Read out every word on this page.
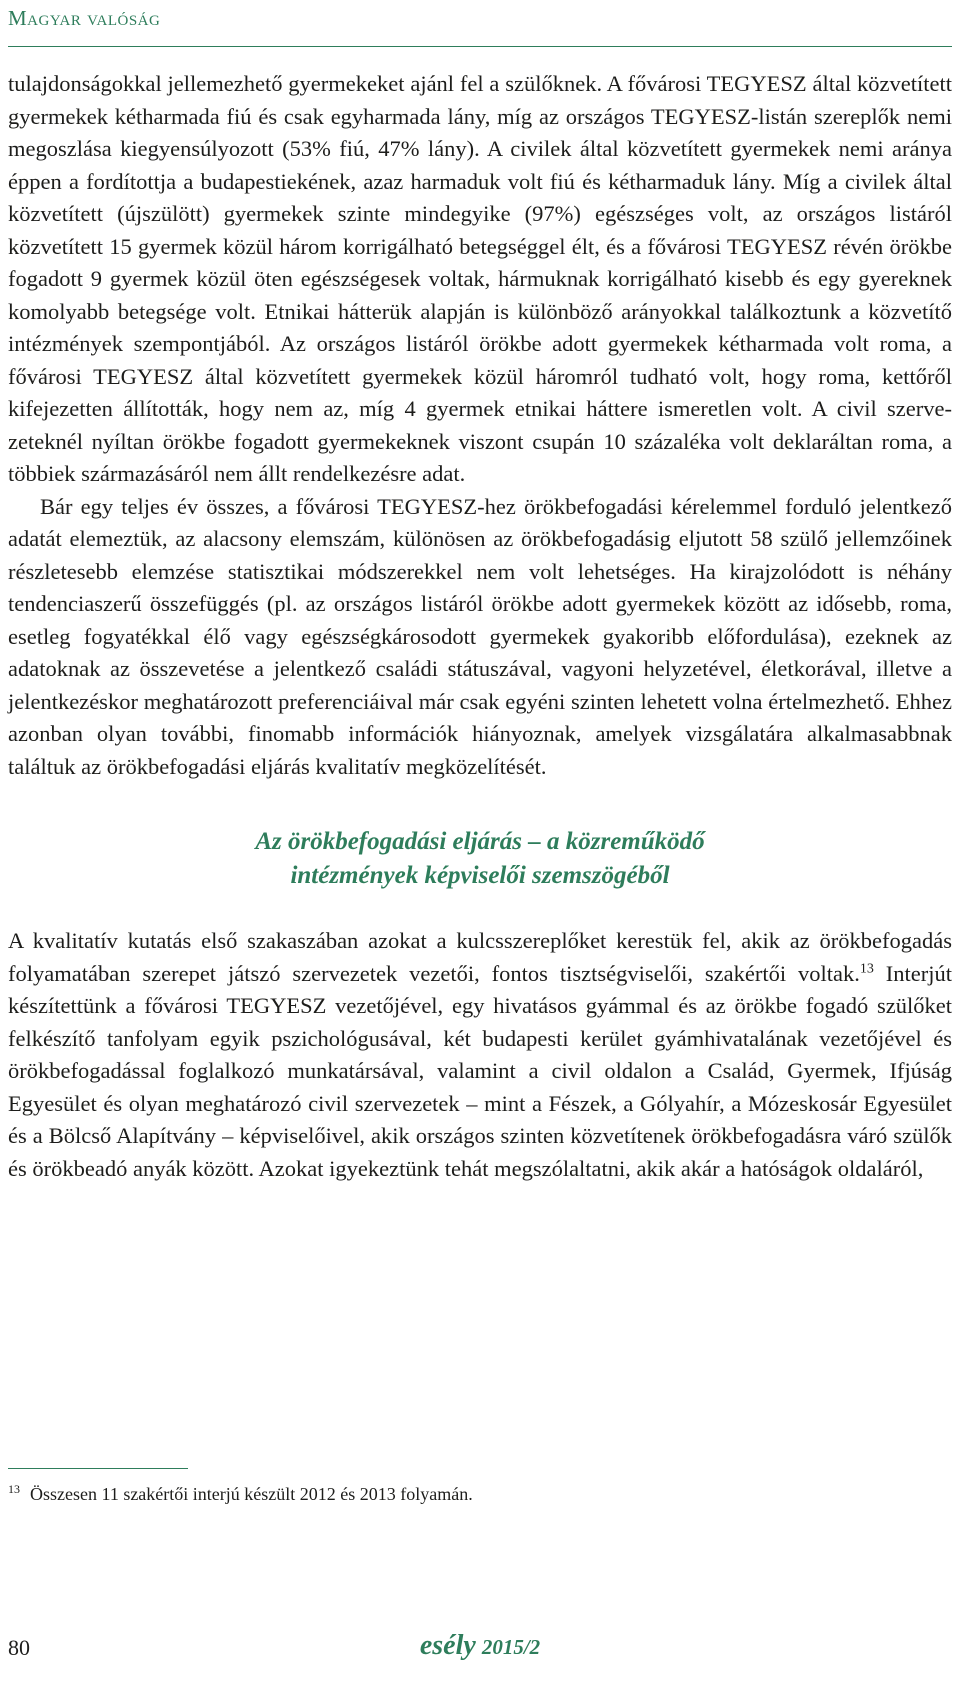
Magyar valóság

tulajdonságokkal jellemezhető gyermekeket ajánl fel a szülőknek. A fővárosi TEGYESZ által közvetített gyermekek kétharmada fiú és csak egyharmada lány, míg az országos TEGYESZ-listán szereplők nemi megoszlása kiegyensúlyozott (53% fiú, 47% lány). A civilek által közvetített gyermekek nemi aránya éppen a fordítottja a budapestiekének, azaz harmaduk volt fiú és kétharmaduk lány. Míg a civilek által közvetített (újszülött) gyermekek szinte mindegyike (97%) egészséges volt, az országos listáról közvetített 15 gyermek közül három korrigálható betegséggel élt, és a fővárosi TEGYESZ révén örökbe fogadott 9 gyermek közül öten egészségesek voltak, hármuknak korrigálható kisebb és egy gyereknek komolyabb betegsége volt. Etnikai hátterük alapján is különböző arányokkal találkoztunk a közvetítő intézmények szempontjából. Az országos listáról örökbe adott gyermekek kétharmada volt roma, a fővárosi TEGYESZ által közvetített gyermekek közül háromról tudható volt, hogy roma, kettőről kifejezetten állították, hogy nem az, míg 4 gyermek etnikai háttere ismeretlen volt. A civil szervezeteknél nyíltan örökbe fogadott gyermekeknek viszont csupán 10 százaléka volt deklaráltan roma, a többiek származásáról nem állt rendelkezésre adat.

Bár egy teljes év összes, a fővárosi TEGYESZ-hez örökbefogadási kérelemmel forduló jelentkező adatát elemeztük, az alacsony elemszám, különösen az örökbefogadásig eljutott 58 szülő jellemzőinek részletesebb elemzése statisztikai módszerekkel nem volt lehetséges. Ha kirajzolódott is néhány tendenciaszerű összefüggés (pl. az országos listáról örökbe adott gyermekek között az idősebb, roma, esetleg fogyatékkal élő vagy egészségkárosodott gyermekek gyakoribb előfordulása), ezeknek az adatoknak az összevetése a jelentkező családi státuszával, vagyoni helyzetével, életkorával, illetve a jelentkezéskor meghatározott preferenciáival már csak egyéni szinten lehetett volna értelmezhető. Ehhez azonban olyan további, finomabb információk hiányoznak, amelyek vizsgálatára alkalmasabbnak találtuk az örökbefogadási eljárás kvalitatív megközelítését.

Az örökbefogadási eljárás – a közreműködő
intézmények képviselői szemszögéből

A kvalitatív kutatás első szakaszában azokat a kulcsszereplőket kerestük fel, akik az örökbefogadás folyamatában szerepet játszó szervezetek vezetői, fontos tisztségviselői, szakértői voltak.$^{13}$ Interjút készítettünk a fővárosi TEGYESZ vezetőjével, egy hivatásos gyámmal és az örökbe fogadó szülőket felkészítő tanfolyam egyik pszichológusával, két budapesti kerület gyámhivatalának vezetőjével és örökbefogadással foglalkozó munkatársával, valamint a civil oldalon a Család, Gyermek, Ifjúság Egyesület és olyan meghatározó civil szervezetek – mint a Fészek, a Gólyahír, a Mózeskosár Egyesület és a Bölcső Alapítvány – képviselőivel, akik országos szinten közvetítenek örökbefogadásra váró szülők és örökbeadó anyák között. Azokat igyekeztünk tehát megszólaltatni, akik akár a hatóságok oldaláról,

$^{13}$ Összesen 11 szakértői interjú készült 2012 és 2013 folyamán.
80	esély 2015/2
